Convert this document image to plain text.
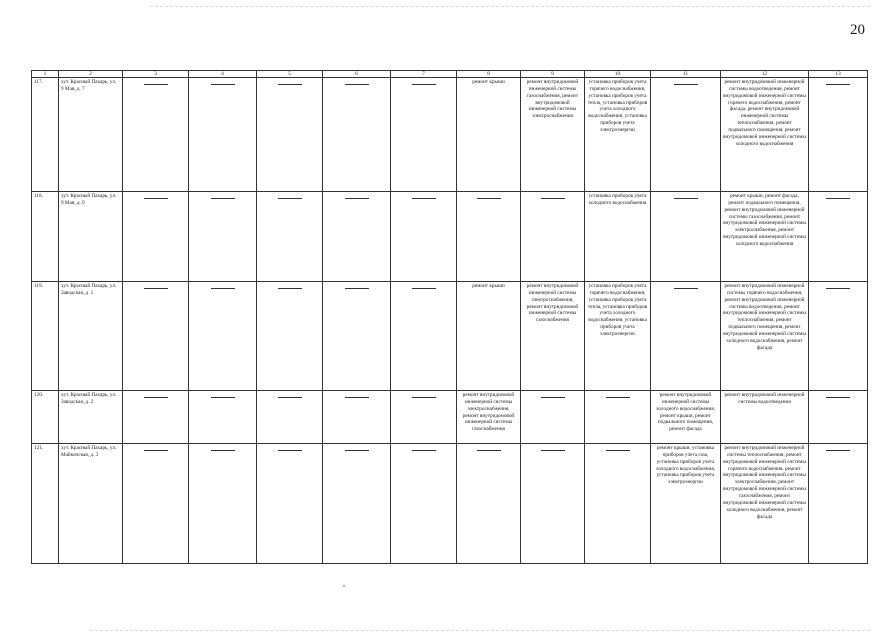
20
1	2	3	4	5	6	7	8	9	10	11	12	13
117.	хут. Красный Пахарь, ул. 9 Мая, д. 7						ремонт крыши	ремонт внутридомовой инженерной системы газоснабжения, ремонт внутридомовой инженерной системы электроснабжения	установка приборов учета горячего водоснабжения, установка приборов учета тепла, установка приборов учета холодного водоснабжения, установка приборов учета электроэнергии		ремонт внутридомовой инженерной системы водоотведения, ремонт внутридомовой инженерной системы горячего водоснабжения, ремонт фасада, ремонт внутридомовой инженерной системы теплоснабжения, ремонт подвального помещения, ремонт внутридомовой инженерной системы холодного водоснабжения	
118.	хут. Красный Пахарь, ул. 9 Мая, д. 9								установка приборов учета холодного водоснабжения		ремонт крыши, ремонт фасада, ремонт подвального помещения, ремонт внутридомовой инженерной системы газоснабжения, ремонт внутридомовой инженерной системы электроснабжения, ремонт внутридомовой инженерной системы холодного водоснабжения	
119.	хут. Красный Пахарь, ул. Заводская, д. 1						ремонт крыши	ремонт внутридомовой инженерной системы электроснабжения, ремонт внутридомовой инженерной системы газоснабжения	установка приборов учета горячего водоснабжения, установка приборов учета тепла, установка приборов учета холодного водоснабжения, установка приборов учета электроэнергии		ремонт внутридомовой инженерной системы горячего водоснабжения, ремонт внутридомовой инженерной системы водоотведения, ремонт внутридомовой инженерной системы теплоснабжения, ремонт подвального помещения, ремонт внутридомовой инженерной системы холодного водоснабжения, ремонт фасада	
120.	хут. Красный Пахарь, ул. Заводская, д. 2						ремонт внутридомовой инженерной системы электроснабжения, ремонт внутридомовой инженерной системы газоснабжения			ремонт внутридомовой инженерной системы холодного водоснабжения, ремонт крыши, ремонт подвального помещения, ремонт фасада	ремонт внутридомовой инженерной системы водоотведения	
121.	хут. Красный Пахарь, ул. Майкопская, д. 3									ремонт крыши, установка приборов учета газа, установка приборов учета холодного водоснабжения, установка приборов учета электроэнергии	ремонт внутридомовой инженерной системы теплоснабжения, ремонт внутридомовой инженерной системы горячего водоснабжения, ремонт внутридомовой инженерной системы электроснабжения, ремонт внутридомовой инженерной системы газоснабжения, ремонт внутридомовой инженерной системы холодного водоснабжения, ремонт фасада	
